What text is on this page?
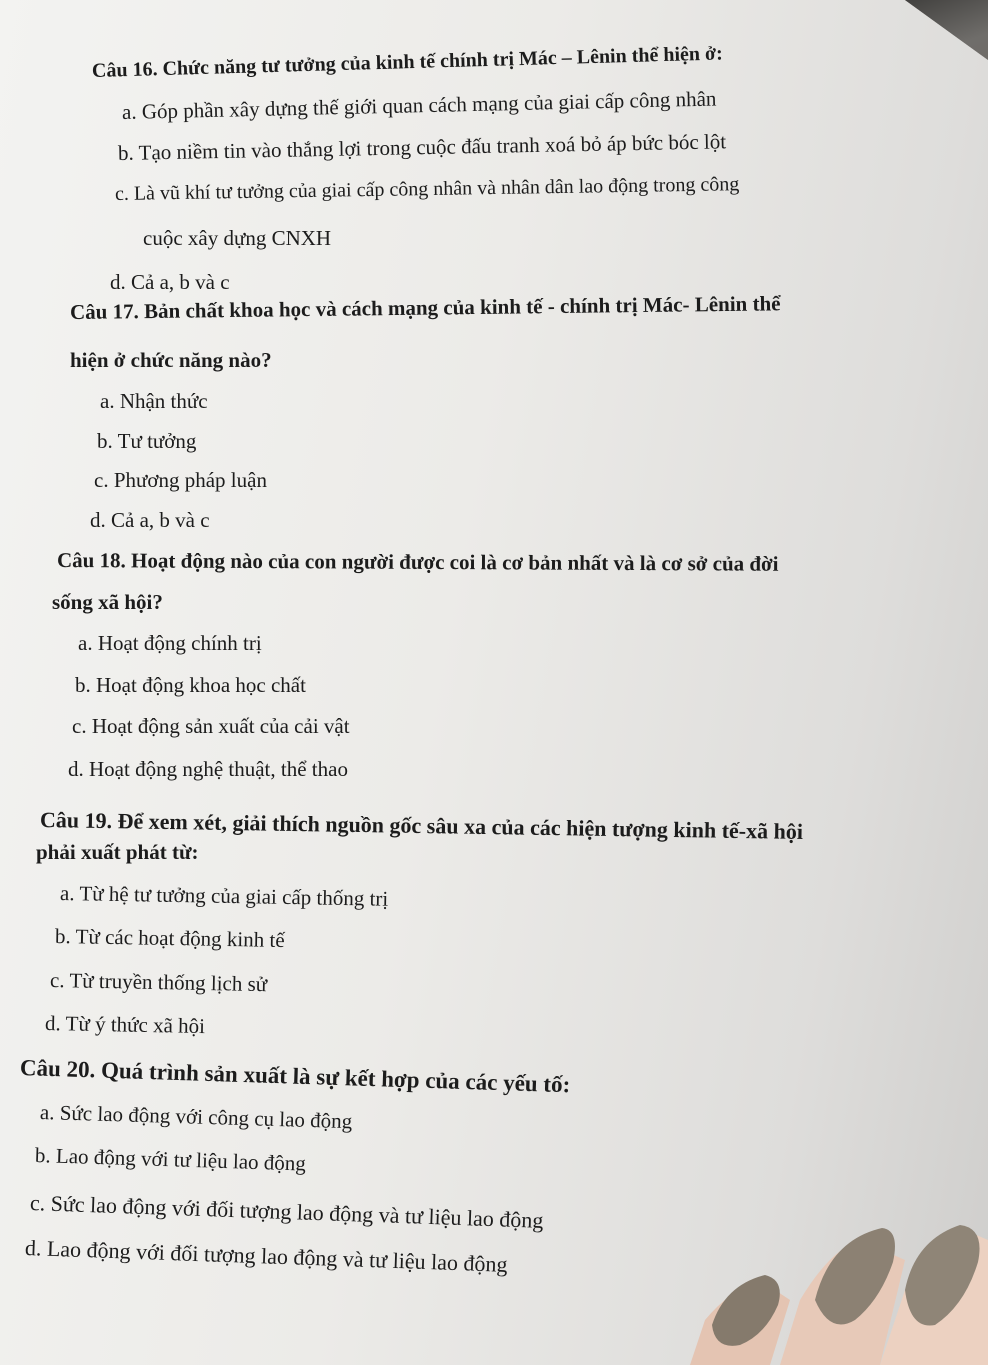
Câu 16. Chức năng tư tưởng của kinh tế chính trị Mác – Lênin thể hiện ở:
a. Góp phần xây dựng thế giới quan cách mạng của giai cấp công nhân
b. Tạo niềm tin vào thắng lợi trong cuộc đấu tranh xoá bỏ áp bức bóc lột
c. Là vũ khí tư tưởng của giai cấp công nhân và nhân dân lao động trong công
cuộc xây dựng CNXH
d. Cả a, b và c
Câu 17. Bản chất khoa học và cách mạng của kinh tế - chính trị Mác- Lênin thể
hiện ở chức năng nào?
a. Nhận thức
b. Tư tưởng
c. Phương pháp luận
d. Cả a, b và c
Câu 18. Hoạt động nào của con người được coi là cơ bản nhất và là cơ sở của đời
sống xã hội?
a. Hoạt động chính trị
b. Hoạt động khoa học chất
c. Hoạt động sản xuất của cải vật
d. Hoạt động nghệ thuật, thể thao
Câu 19. Để xem xét, giải thích nguồn gốc sâu xa của các hiện tượng kinh tế-xã hội
phải xuất phát từ:
a. Từ hệ tư tưởng của giai cấp thống trị
b. Từ các hoạt động kinh tế
c. Từ truyền thống lịch sử
d. Từ ý thức xã hội
Câu 20. Quá trình sản xuất là sự kết hợp của các yếu tố:
a. Sức lao động với công cụ lao động
b. Lao động với tư liệu lao động
c. Sức lao động với đối tượng lao động và tư liệu lao động
d. Lao động với đối tượng lao động và tư liệu lao động
